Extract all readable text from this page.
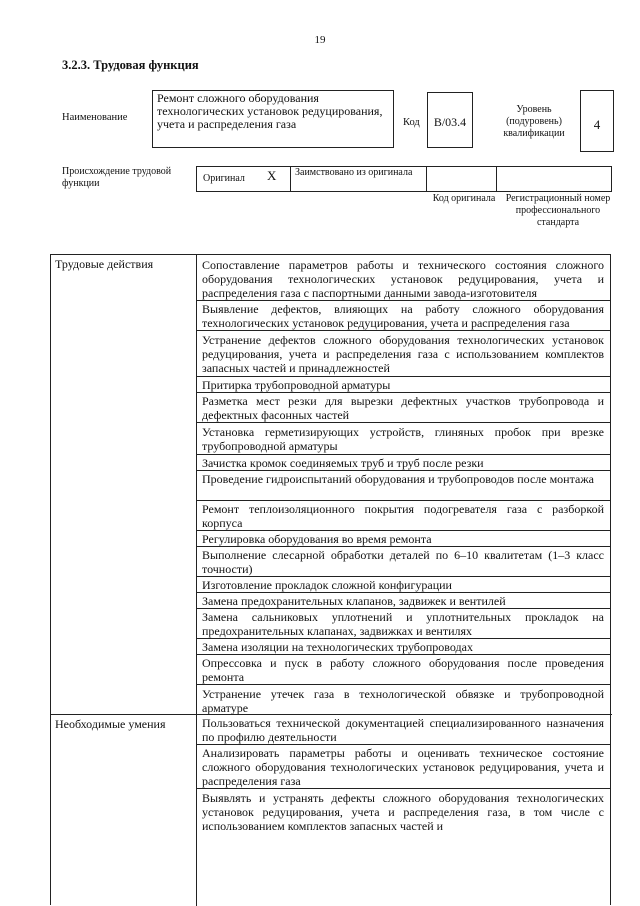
19
3.2.3. Трудовая функция
Наименование
Ремонт сложного оборудования технологических установок редуцирования, учета и распределения газа	Код	B/03.4
Уровень (подуровень) квалификации
4
Происхождение трудовой функции	Оригинал X	Заимствовано из оригинала
Код оригинала	Регистрационный номер профессионального стандарта
Трудовые действия	Сопоставление параметров работы и технического состояния сложного оборудования технологических установок редуцирования, учета и распределения газа с паспортными данными завода-изготовителя
Выявление дефектов, влияющих на работу сложного оборудования технологических установок редуцирования, учета и распределения газа
Устранение дефектов сложного оборудования технологических установок редуцирования, учета и распределения газа с использованием комплектов запасных частей и принадлежностей
Притирка трубопроводной арматуры
Разметка мест резки для вырезки дефектных участков трубопровода и дефектных фасонных частей
Установка герметизирующих устройств, глиняных пробок при врезке трубопроводной арматуры
Зачистка кромок соединяемых труб и труб после резки
Проведение гидроиспытаний оборудования и трубопроводов после монтажа
Ремонт теплоизоляционного покрытия подогревателя газа с разборкой корпуса
Регулировка оборудования во время ремонта
Выполнение слесарной обработки деталей по 6–10 квалитетам (1–3 класс точности)
Изготовление прокладок сложной конфигурации
Замена предохранительных клапанов, задвижек и вентилей
Замена сальниковых уплотнений и уплотнительных прокладок на предохранительных клапанах, задвижках и вентилях
Замена изоляции на технологических трубопроводах
Опрессовка и пуск в работу сложного оборудования после проведения ремонта
Устранение утечек газа в технологической обвязке и трубопроводной арматуре
Необходимые умения	Пользоваться технической документацией специализированного назначения по профилю деятельности
Анализировать параметры работы и оценивать техническое состояние сложного оборудования технологических установок редуцирования, учета и распределения газа
Выявлять и устранять дефекты сложного оборудования технологических установок редуцирования, учета и распределения газа, в том числе с использованием комплектов запасных частей и
